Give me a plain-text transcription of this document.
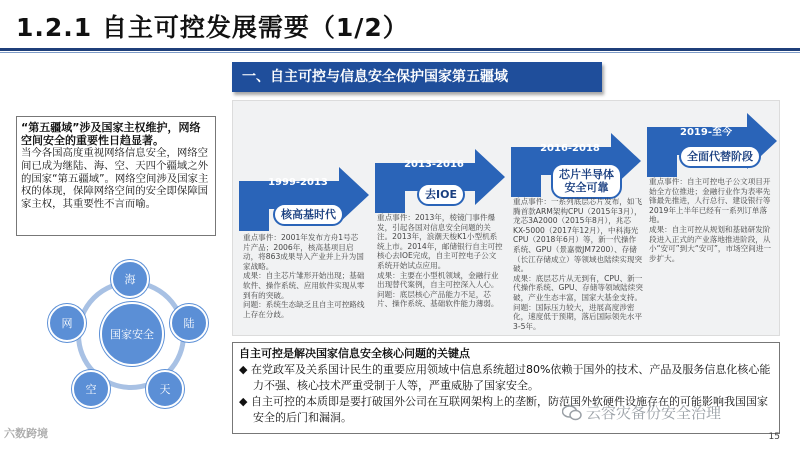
1.2.1 自主可控发展需要（1/2）
一、自主可控与信息安全保护国家第五疆域
“第五疆域”涉及国家主权维护，网络空间安全的重要性日趋显著。
当今各国高度重视网络信息安全，网络空间已成为继陆、海、空、天四个疆域之外的国家“第五疆域”。网络空间涉及国家主权的体现，保障网络空间的安全即保障国家主权，其重要性不言而喻。
国家安全
海
陆
天
空
网
1999-2013
核高基时代
重点事件：2001年发布方舟1号芯片产品；2006年，核高基项目启动，将863成果导入产业并上升为国家战略。
成果：自主芯片雏形开始出现；基础软件、操作系统、应用软件实现从零到有的突破。
问题：系统生态缺乏且自主可控路线上存在分歧。
2013-2016
去IOE
重点事件：2013年，棱镜门事件爆发，引起各国对信息安全问题的关注。2013年，浪潮天梭K1小型机系统上市。2014年，邮储银行自主可控核心去IOE完成，自主可控电子公文系统开始试点应用。
成果：主要在小型机领域，金融行业出现替代案例，自主可控深入人心。
问题：底层核心产品能力不足，芯片、操作系统、基础软件能力薄弱。
2016-2018
芯片半导体
安全可靠
重点事件：一系列底层芯片发布，如飞腾首款ARM架构CPU（2015年3月），龙芯3A2000（2015年8月），兆芯KX-5000（2017年12月），中科海光CPU（2018年6月）等，新一代操作系统、GPU（景嘉微JM7200）、存储（长江存储成立）等领域也陆续实现突破。
成果：底层芯片从无到有，CPU、新一代操作系统、GPU、存储等领域陆续突破，产业生态丰富，国家大基金支持。
问题：国际压力较大，进展高度涉密化，速度低于预期，落后国际领先水平3-5年。
2019-至今
全面代替阶段
重点事件：自主可控电子公文项目开始全方位推进；金融行业作为表率先锋最先推进，人行总行、建设银行等2019年上半年已经有一系列订单落地。
成果：自主可控从规划和基础研发阶段进入正式的产业落地推进阶段，从小“安可”到大“安可”，市场空间进一步扩大。
自主可控是解决国家信息安全核心问题的关键点
◆ 在党政军及关系国计民生的重要应用领域中信息系统超过80%依赖于国外的技术、产品及服务信息化核心能力不强、核心技术严重受制于人等，严重威胁了国家安全。
◆ 自主可控的本质即是要打破国外公司在互联网架构上的垄断，防范国外软硬件设施存在的可能影响我国国家安全的后门和漏洞。
六数跨境
云容灾备份安全治理
15
